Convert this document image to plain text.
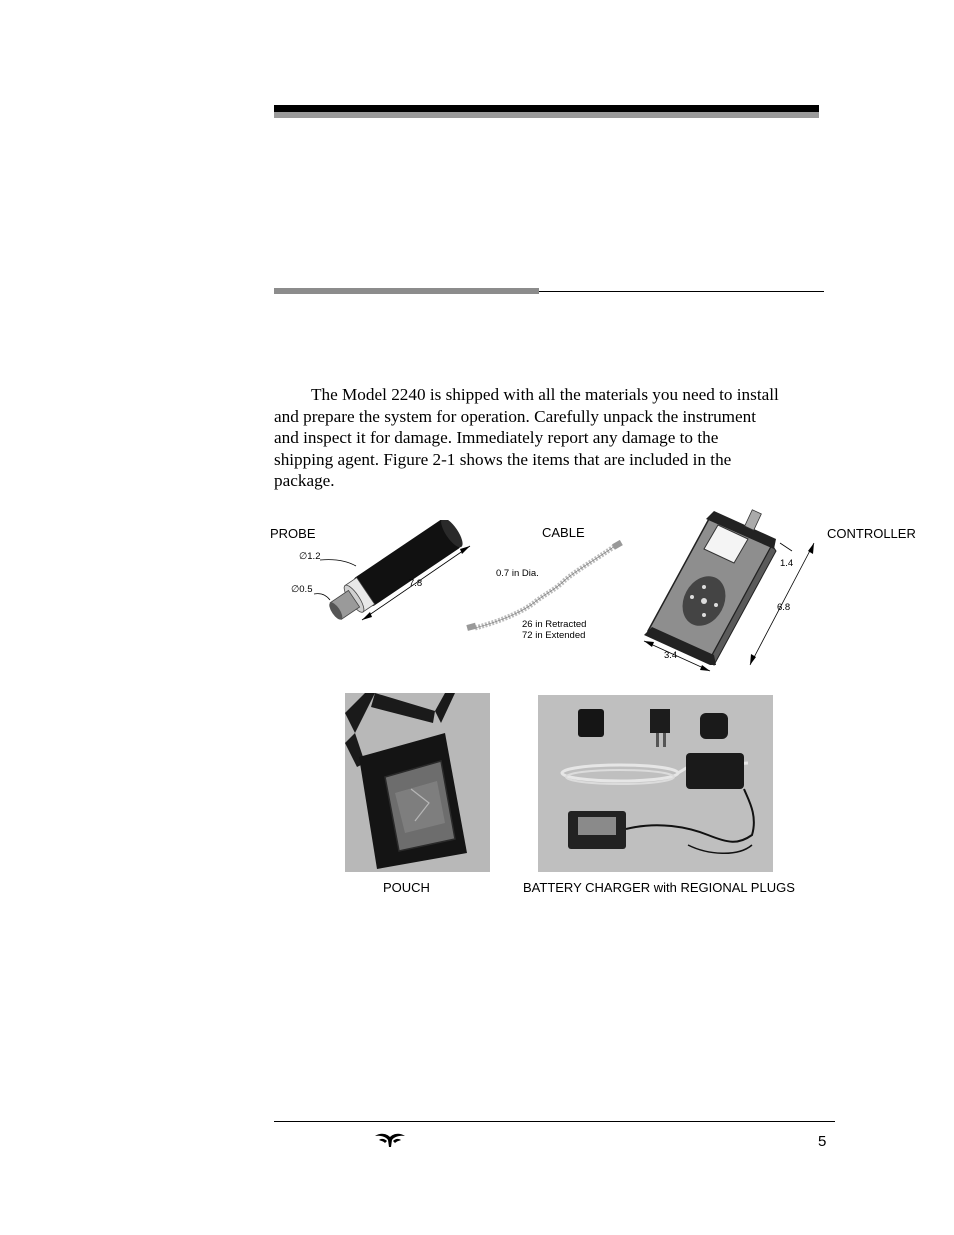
The Model 2240 is shipped with all the materials you need to install
and prepare the system for operation. Carefully unpack the instrument
and inspect it for damage. Immediately report any damage to the
shipping agent. Figure 2-1 shows the items that are included in the
package.

PROBE
∅1.2
∅0.5
7.8
CABLE
0.7 in Dia.
26 in Retracted
72 in Extended
CONTROLLER
1.4
6.8
3.4
POUCH	BATTERY CHARGER with REGIONAL PLUGS
5
